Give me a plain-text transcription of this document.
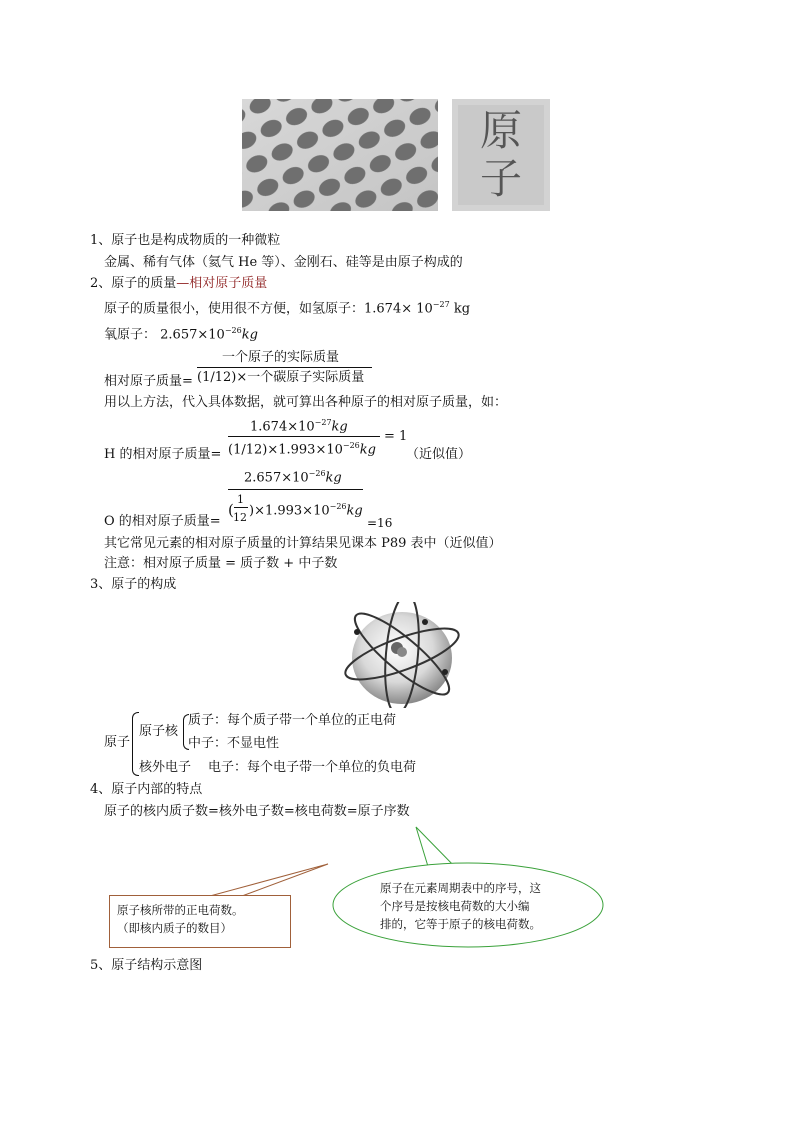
原子
1、原子也是构成物质的一种微粒
金属、稀有气体（氦气 He 等）、金刚石、硅等是由原子构成的
2、原子的质量—相对原子质量
原子的质量很小，使用很不方便，如氢原子：$1.674\times 10^{-27}$ kg
氧原子： $2.657\times 10^{-26}kg$
相对原子质量=
一个原子的实际质量
(1/12)×一个碳原子实际质量
用以上方法，代入具体数据，就可算出各种原子的相对原子质量，如：
H 的相对原子质量=
$1.674\times 10^{-27}kg$
$(1/12)\times 1.993\times 10^{-26}kg$
= 1
（近似值）
O 的相对原子质量=
$2.657\times 10^{-26}kg$
(
1
12 )$\times 1.993\times 10^{-26}kg$
=16
其它常见元素的相对原子质量的计算结果见课本 P89 表中（近似值）
注意：相对原子质量 = 质子数 + 中子数
3、原子的构成
原子
原子核
质子：每个质子带一个单位的正电荷
中子：不显电性
核外电子 电子：每个电子带一个单位的负电荷
4、原子内部的特点
原子的核内质子数=核外电子数=核电荷数=原子序数
原子核所带的正电荷数。
（即核内质子的数目）
原子在元素周期表中的序号，这
个序号是按核电荷数的大小编
排的，它等于原子的核电荷数。
5、原子结构示意图
